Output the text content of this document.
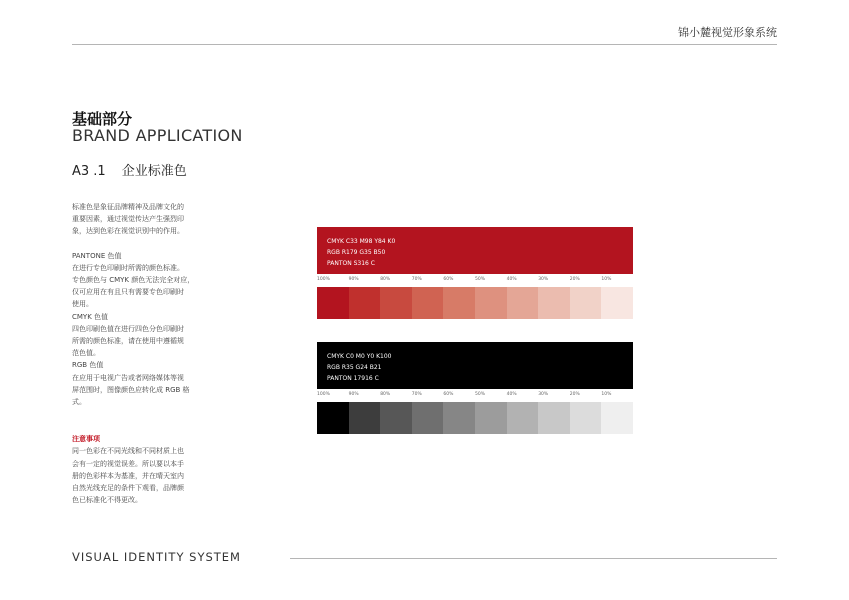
锦小麓视觉形象系统
基础部分
BRAND APPLICATION
A3 .1 企业标准色

标准色是象征品牌精神及品牌文化的

重要因素，通过视觉传达产生强烈印

象，达到色彩在视觉识别中的作用。

PANTONE 色值

在进行专色印刷时所需的颜色标准。

专色颜色与 CMYK 颜色无法完全对应，

仅可应用在有且只有需要专色印刷时

使用。

CMYK 色值

四色印刷色值在进行四色分色印刷时

所需的颜色标准，请在使用中遵循规

范色值。

RGB 色值

在应用于电视广告或者网络媒体等视

屏范围时，图像颜色应转化成 RGB 格

式。

注意事项

同一色彩在不同光线和不同材质上也

会有一定的视觉误差。所以要以本手

册的色彩样本为基准，并在晴天室内

自然光线充足的条件下观看，品牌颜

色已标准化不得更改。

CMYK C33 M98 Y84 K0
RGB R179 G35 B50
PANTON S316 C
100%	90%	80%	70%	60%	50%	40%	30%	20%	10%
CMYK C0 M0 Y0 K100
RGB R35 G24 B21
PANTON 17916 C
100%	90%	80%	70%	60%	50%	40%	30%	20%	10%
VISUAL IDENTITY SYSTEM
